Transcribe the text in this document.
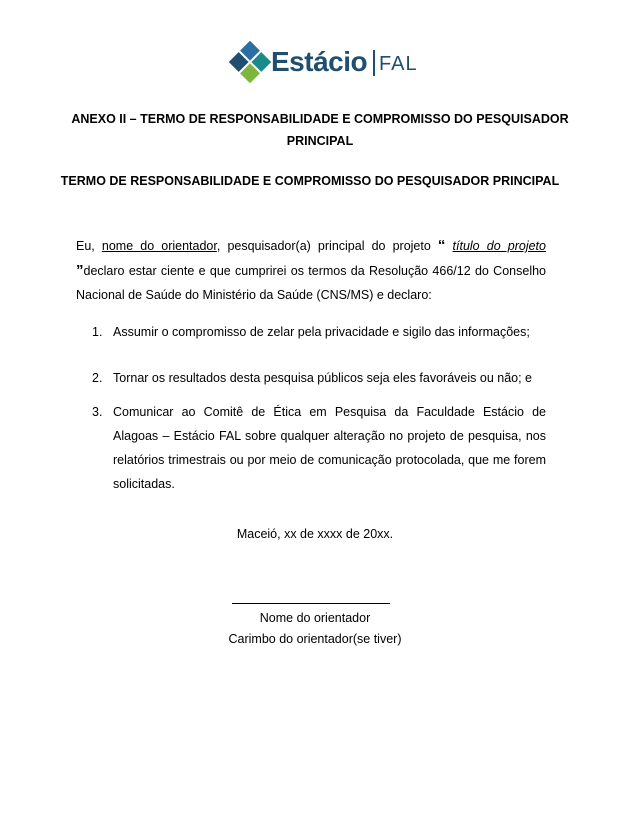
Estácio FAL
ANEXO II – TERMO DE RESPONSABILIDADE E COMPROMISSO DO PESQUISADOR PRINCIPAL
TERMO DE RESPONSABILIDADE E COMPROMISSO DO PESQUISADOR PRINCIPAL
Eu, nome do orientador, pesquisador(a) principal do projeto “ título do projeto ”declaro estar ciente e que cumprirei os termos da Resolução 466/12 do Conselho Nacional de Saúde do Ministério da Saúde (CNS/MS) e declaro:
1. Assumir o compromisso de zelar pela privacidade e sigilo das informações;
2. Tornar os resultados desta pesquisa públicos seja eles favoráveis ou não; e
3. Comunicar ao Comitê de Ética em Pesquisa da Faculdade Estácio de Alagoas – Estácio FAL sobre qualquer alteração no projeto de pesquisa, nos relatórios trimestrais ou por meio de comunicação protocolada, que me forem solicitadas.
Maceió, xx de xxxx de 20xx.
Nome do orientador
Carimbo do orientador(se tiver)
